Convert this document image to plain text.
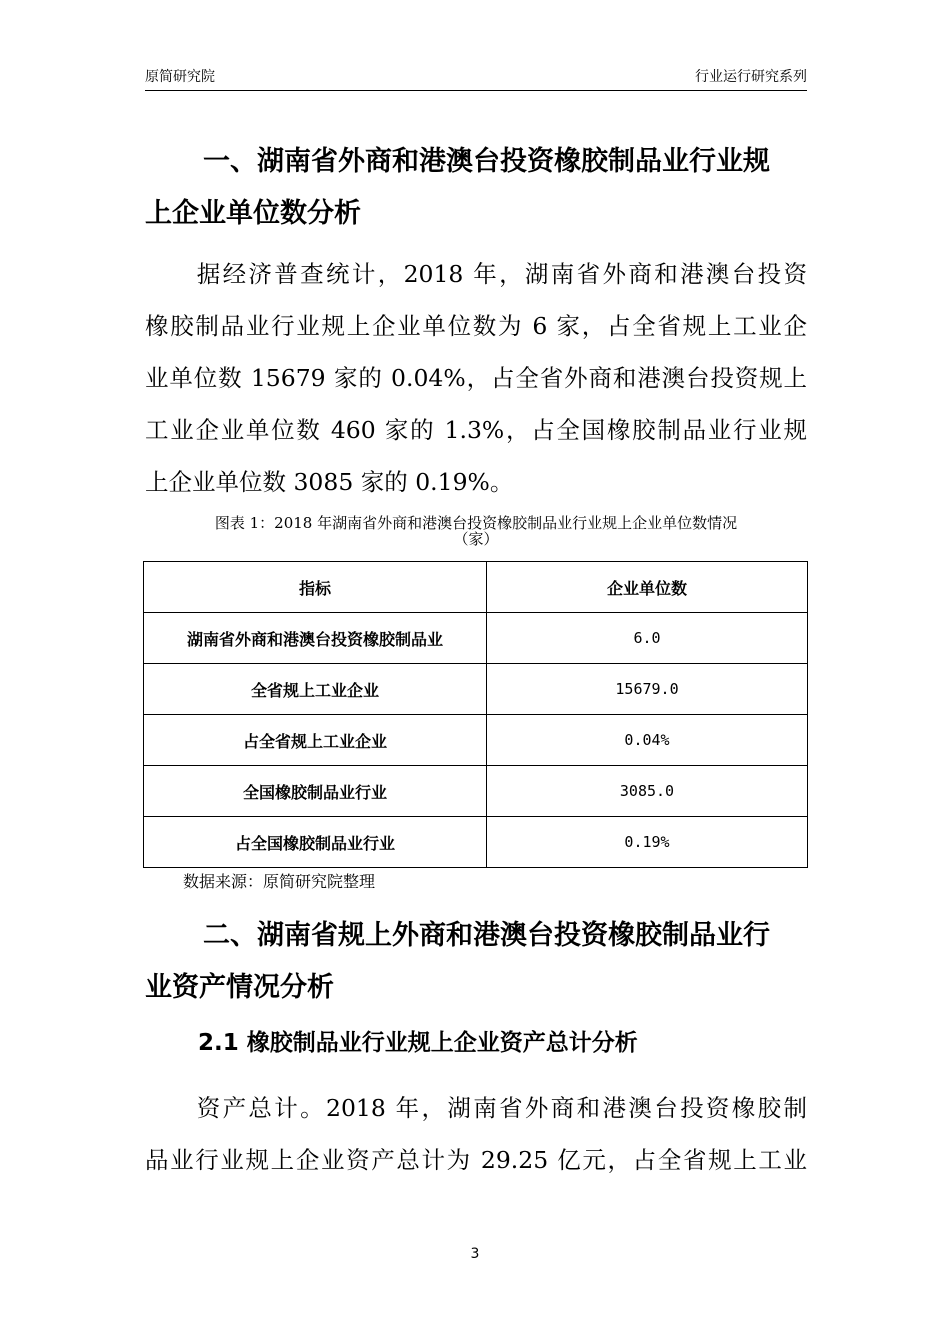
原简研究院	行业运行研究系列
一、湖南省外商和港澳台投资橡胶制品业行业规
上企业单位数分析
　　据经济普查统计，2018 年，湖南省外商和港澳台投资
橡胶制品业行业规上企业单位数为 6 家，占全省规上工业企
业单位数 15679 家的 0.04%，占全省外商和港澳台投资规上
工业企业单位数 460 家的 1.3%，占全国橡胶制品业行业规
上企业单位数 3085 家的 0.19%。
图表 1：2018 年湖南省外商和港澳台投资橡胶制品业行业规上企业单位数情况
（家）
指标	企业单位数
湖南省外商和港澳台投资橡胶制品业	6.0
全省规上工业企业	15679.0
占全省规上工业企业	0.04%
全国橡胶制品业行业	3085.0
占全国橡胶制品业行业	0.19%
数据来源：原简研究院整理
二、湖南省规上外商和港澳台投资橡胶制品业行
业资产情况分析
2.1 橡胶制品业行业规上企业资产总计分析
　　资产总计。2018 年，湖南省外商和港澳台投资橡胶制
品业行业规上企业资产总计为 29.25 亿元，占全省规上工业
3
